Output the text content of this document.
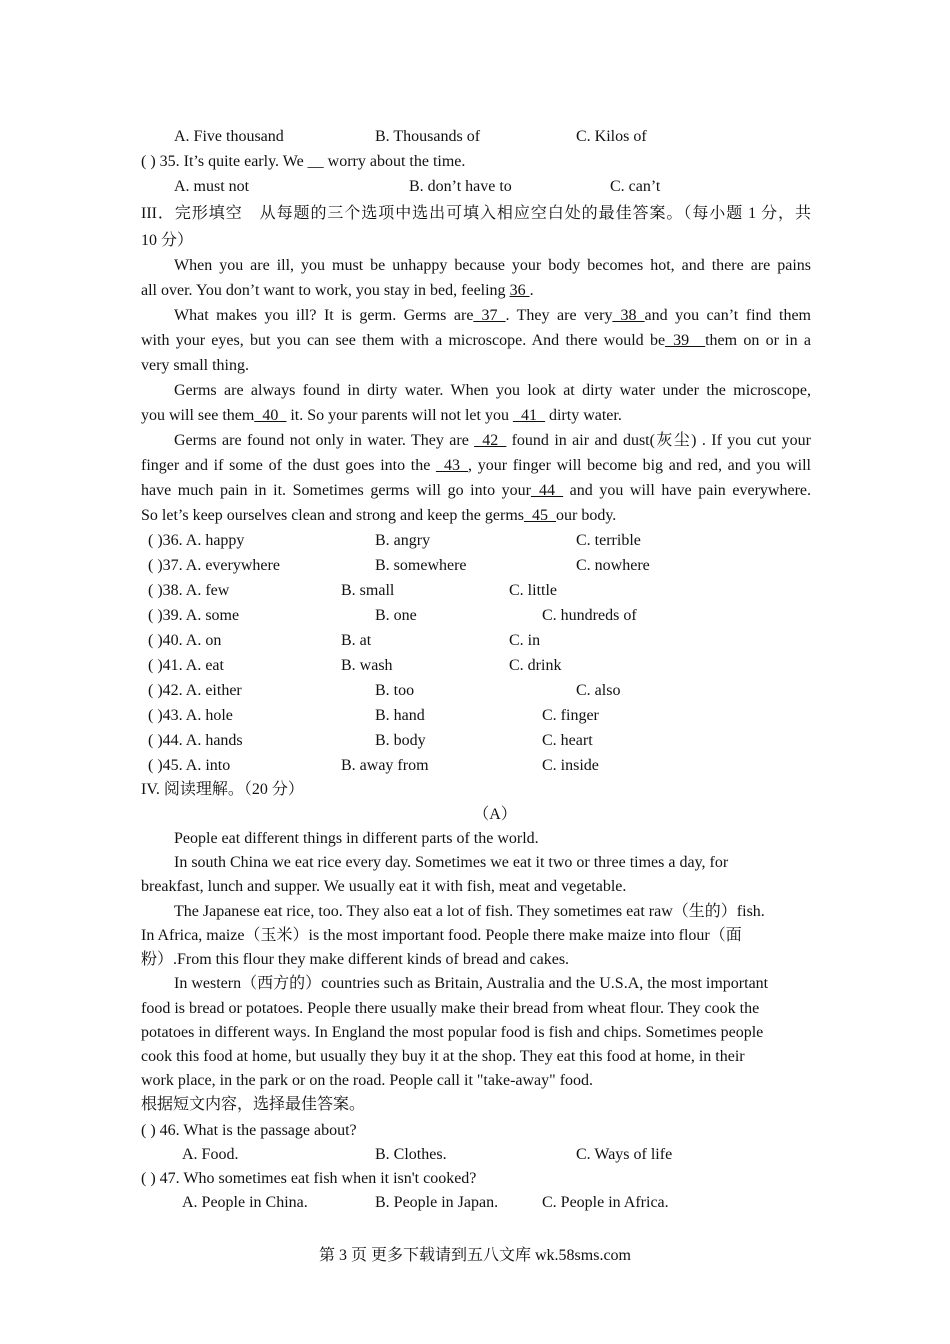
A. Five thousand	B. Thousands of	C. Kilos of
( ) 35. It’s quite early. We __ worry about the time.
A. must not	B. don’t have to	C. can’t
III．完形填空　从每题的三个选项中选出可填入相应空白处的最佳答案。（每小题 1 分，共
10 分）
When you are ill, you must be unhappy because your body becomes hot, and there are pains
all over. You don’t want to work, you stay in bed, feeling 36 .
What makes you ill? It is germ. Germs are_37_. They are very_38_and you can’t find them
with your eyes, but you can see them with a microscope. And there would be_39__them on or in a
very small thing.
Germs are always found in dirty water. When you look at dirty water under the microscope,
you will see them_40_ it. So your parents will not let you _41_ dirty water.
Germs are found not only in water. They are _42_ found in air and dust(灰尘) . If you cut your
finger and if some of the dust goes into the _43_, your finger will become big and red, and you will
have much pain in it. Sometimes germs will go into your_44_ and you will have pain everywhere.
So let’s keep ourselves clean and strong and keep the germs_45_our body.
( )36. A. happy	B. angry	C. terrible
( )37. A. everywhere	B. somewhere	C. nowhere
( )38. A. few	B. small	C. little
( )39. A. some	B. one	C. hundreds of
( )40. A. on	B. at	C. in
( )41. A. eat	B. wash	C. drink
( )42. A. either	B. too	C. also
( )43. A. hole	B. hand	C. finger
( )44. A. hands	B. body	C. heart
( )45. A. into	B. away from	C. inside
IV. 阅读理解。（20 分）
（A）
People eat different things in different parts of the world.
In south China we eat rice every day. Sometimes we eat it two or three times a day, for
breakfast, lunch and supper. We usually eat it with fish, meat and vegetable.
The Japanese eat rice, too. They also eat a lot of fish. They sometimes eat raw（生的）fish.
In Africa, maize（玉米）is the most important food. People there make maize into flour（面
粉）.From this flour they make different kinds of bread and cakes.
In western（西方的）countries such as Britain, Australia and the U.S.A, the most important
food is bread or potatoes. People there usually make their bread from wheat flour. They cook the
potatoes in different ways. In England the most popular food is fish and chips. Sometimes people
cook this food at home, but usually they buy it at the shop. They eat this food at home, in their
work place, in the park or on the road. People call it "take-away" food.
根据短文内容，选择最佳答案。
( ) 46. What is the passage about?
A. Food.	B. Clothes.	C. Ways of life
( ) 47. Who sometimes eat fish when it isn't cooked?
A. People in China.	B. People in Japan.	C. People in Africa.
第 3 页 更多下载请到五八文库 wk.58sms.com
